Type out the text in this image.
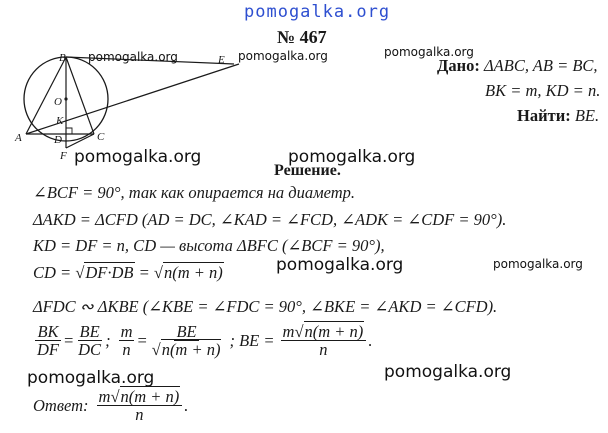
pomogalka.org
pomogalka.org	pomogalka.org	pomogalka.org
pomogalka.org
pomogalka.org	pomogalka.org
pomogalka.org
pomogalka.org	pomogalka.org
№ 467
Дано: ΔABC, AB = BC,
BK = m, KD = n.
Найти: BE.
B	E
O
K
A	D	C
F
Решение.
∠BCF = 90°, так как опирается на диаметр.
ΔAKD = ΔCFD (AD = DC, ∠KAD = ∠FCD, ∠ADK = ∠CDF = 90°).
KD = DF = n, CD — высота ΔBFC (∠BCF = 90°),
CD = √DF·DB = √n(m + n)
ΔFDC ∾ ΔKBE (∠KBE = ∠FDC = 90°, ∠BKE = ∠AKD = ∠CFD).
$\frac{BK}{DF} = \frac{BE}{DC}$ ; $\frac{m}{n} = \frac{BE}{√n(m + n)}$ ; BE = $\frac{m√n(m + n)}{n}$ .
Ответ: $\frac{m√n(m + n)}{n}$ .
